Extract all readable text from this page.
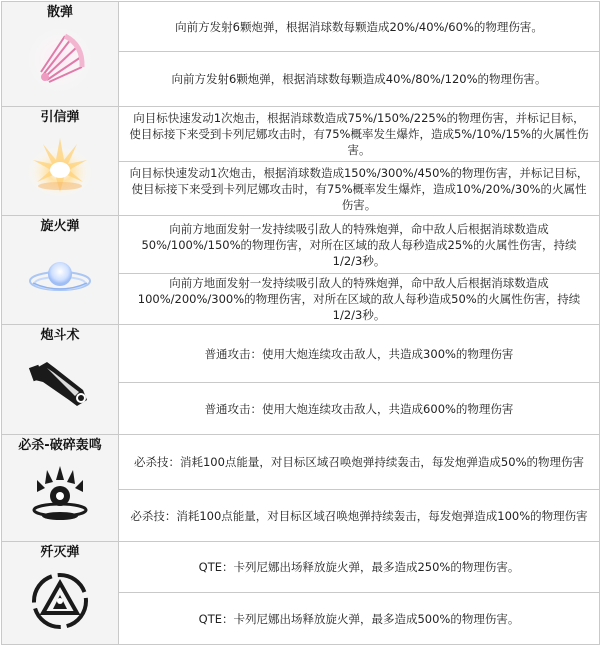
散弹	向前方发射6颗炮弹，根据消球数每颗造成20%/40%/60%的物理伤害。
	向前方发射6颗炮弹，根据消球数每颗造成40%/80%/120%的物理伤害。

引信弹	向目标快速发动1次炮击，根据消球数造成75%/150%/225%的物理伤害，并标记目标，使目标接下来受到卡列尼娜攻击时，有75%概率发生爆炸，造成5%/10%/15%的火属性伤害。
	向目标快速发动1次炮击，根据消球数造成150%/300%/450%的物理伤害，并标记目标，使目标接下来受到卡列尼娜攻击时，有75%概率发生爆炸，造成10%/20%/30%的火属性伤害。

旋火弹	向前方地面发射一发持续吸引敌人的特殊炮弹，命中敌人后根据消球数造成50%/100%/150%的物理伤害，对所在区域的敌人每秒造成25%的火属性伤害，持续1/2/3秒。
	向前方地面发射一发持续吸引敌人的特殊炮弹，命中敌人后根据消球数造成100%/200%/300%的物理伤害，对所在区域的敌人每秒造成50%的火属性伤害，持续1/2/3秒。

炮斗术	普通攻击：使用大炮连续攻击敌人，共造成300%的物理伤害
	普通攻击：使用大炮连续攻击敌人，共造成600%的物理伤害

必杀-破碎轰鸣	必杀技：消耗100点能量，对目标区域召唤炮弹持续轰击，每发炮弹造成50%的物理伤害
	必杀技：消耗100点能量，对目标区域召唤炮弹持续轰击，每发炮弹造成100%的物理伤害

歼灭弹	QTE：卡列尼娜出场释放旋火弹，最多造成250%的物理伤害。
	QTE：卡列尼娜出场释放旋火弹，最多造成500%的物理伤害。
